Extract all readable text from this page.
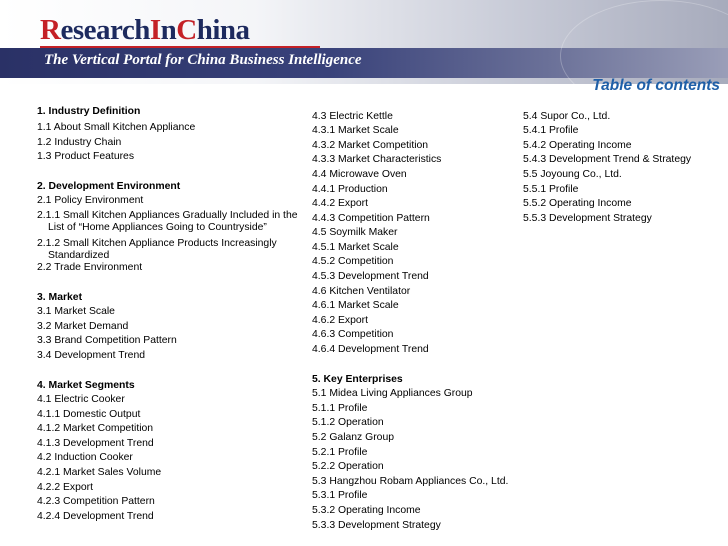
ResearchInChina
The Vertical Portal for China Business Intelligence
Table of contents
1. Industry Definition
1.1 About Small Kitchen Appliance
1.2 Industry Chain
1.3 Product Features
2. Development Environment
2.1 Policy Environment
2.1.1 Small Kitchen Appliances Gradually Included in the
List of “Home Appliances Going to Countryside”
2.1.2 Small Kitchen Appliance Products Increasingly
Standardized
2.2 Trade Environment
3. Market
3.1 Market Scale
3.2 Market Demand
3.3 Brand Competition Pattern
3.4 Development Trend
4. Market Segments
4.1 Electric Cooker
4.1.1 Domestic Output
4.1.2 Market Competition
4.1.3 Development Trend
4.2 Induction Cooker
4.2.1 Market Sales Volume
4.2.2 Export
4.2.3 Competition Pattern
4.2.4 Development Trend
4.3 Electric Kettle
4.3.1 Market Scale
4.3.2 Market Competition
4.3.3 Market Characteristics
4.4 Microwave Oven
4.4.1 Production
4.4.2 Export
4.4.3 Competition Pattern
4.5 Soymilk Maker
4.5.1 Market Scale
4.5.2 Competition
4.5.3 Development Trend
4.6 Kitchen Ventilator
4.6.1 Market Scale
4.6.2 Export
4.6.3 Competition
4.6.4 Development Trend
5. Key Enterprises
5.1 Midea Living Appliances Group
5.1.1 Profile
5.1.2 Operation
5.2 Galanz Group
5.2.1 Profile
5.2.2 Operation
5.3 Hangzhou Robam Appliances Co., Ltd.
5.3.1 Profile
5.3.2 Operating Income
5.3.3 Development Strategy
5.4 Supor Co., Ltd.
5.4.1 Profile
5.4.2 Operating Income
5.4.3 Development Trend & Strategy
5.5 Joyoung Co., Ltd.
5.5.1 Profile
5.5.2 Operating Income
5.5.3 Development Strategy
